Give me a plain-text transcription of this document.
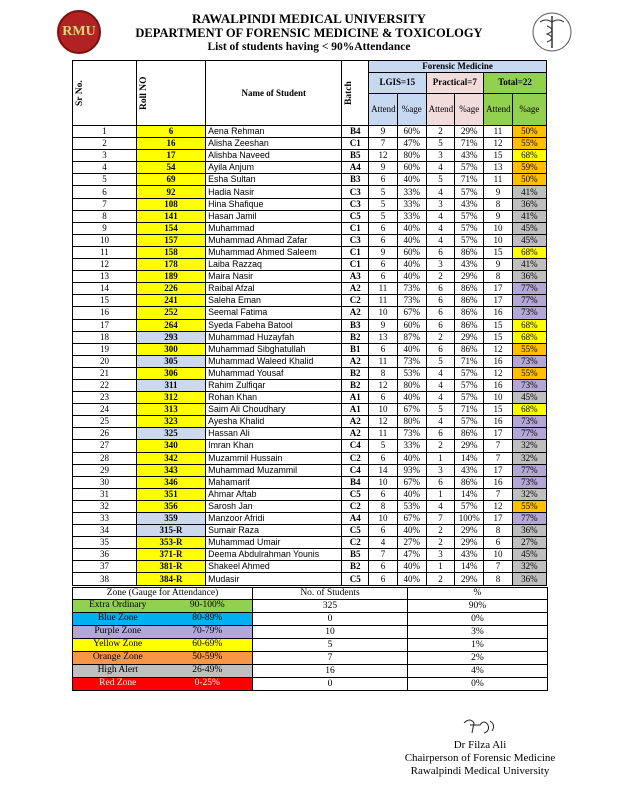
RMU
RAWALPINDI MEDICAL UNIVERSITY
DEPARTMENT OF FORENSIC MEDICINE & TOXICOLOGY
List of students having < 90%Attendance
Sr No.	Roll NO	Name of Student	Batch	Forensic Medicine					
				LGIS=15		Practical=7		Total=22	
				Attend	%age	Attend	%age	Attend	%age
1	6	Aena Rehman	B4	9	60%	2	29%	11	50%
2	16	Alisha Zeeshan	C1	7	47%	5	71%	12	55%
3	17	Alishba Naveed	B5	12	80%	3	43%	15	68%
4	54	Ayila Anjum	A4	9	60%	4	57%	13	59%
5	69	Esha Sultan	B3	6	40%	5	71%	11	50%
6	92	Hadia Nasir	C3	5	33%	4	57%	9	41%
7	108	Hina Shafique	C3	5	33%	3	43%	8	36%
8	141	Hasan Jamil	C5	5	33%	4	57%	9	41%
9	154	Muhammad	C1	6	40%	4	57%	10	45%
10	157	Muhammad Ahmad Zafar	C3	6	40%	4	57%	10	45%
11	158	Muhammad Ahmed Saleem	C1	9	60%	6	86%	15	68%
12	178	Laiba Razzaq	C1	6	40%	3	43%	9	41%
13	189	Maira Nasir	A3	6	40%	2	29%	8	36%
14	226	Raibal Afzal	A2	11	73%	6	86%	17	77%
15	241	Saleha Eman	C2	11	73%	6	86%	17	77%
16	252	Seemal Fatima	A2	10	67%	6	86%	16	73%
17	264	Syeda Fabeha Batool	B3	9	60%	6	86%	15	68%
18	293	Muhammad Huzayfah	B2	13	87%	2	29%	15	68%
19	300	Muhammad Sibghatullah	B1	6	40%	6	86%	12	55%
20	305	Muhammad Waleed Khalid	A2	11	73%	5	71%	16	73%
21	306	Muhammad Yousaf	B2	8	53%	4	57%	12	55%
22	311	Rahim Zulfiqar	B2	12	80%	4	57%	16	73%
23	312	Rohan Khan	A1	6	40%	4	57%	10	45%
24	313	Saim Ali Choudhary	A1	10	67%	5	71%	15	68%
25	323	Ayesha Khalid	A2	12	80%	4	57%	16	73%
26	325	Hassan Ali	A2	11	73%	6	86%	17	77%
27	340	Imran Khan	C4	5	33%	2	29%	7	32%
28	342	Muzammil Hussain	C2	6	40%	1	14%	7	32%
29	343	Muhammad Muzammil	C4	14	93%	3	43%	17	77%
30	346	Mahamarif	B4	10	67%	6	86%	16	73%
31	351	Ahmar Aftab	C5	6	40%	1	14%	7	32%
32	356	Sarosh Jan	C2	8	53%	4	57%	12	55%
33	359	Manzoor Afridi	A4	10	67%	7	100%	17	77%
34	315-R	Sumair Raza	C5	6	40%	2	29%	8	36%
35	353-R	Muhammad Umair	C2	4	27%	2	29%	6	27%
36	371-R	Deema Abdulrahman Younis	B5	7	47%	3	43%	10	45%
37	381-R	Shakeel Ahmed	B2	6	40%	1	14%	7	32%
38	384-R	Mudasir	C5	6	40%	2	29%	8	36%
Zone (Gauge for Attendance)	No. of Students	%

Extra Ordinary 90-100%	325	90%

Blue Zone 80-89%	0	0%

Purple Zone 70-79%	10	3%

Yellow Zone 60-69%	5	1%

Orange Zone 50-59%	7	2%

High Alert 26-49%	16	4%

Red Zone 0-25%	0	0%
Dr Filza Ali
Chairperson of Forensic Medicine
Rawalpindi Medical University
